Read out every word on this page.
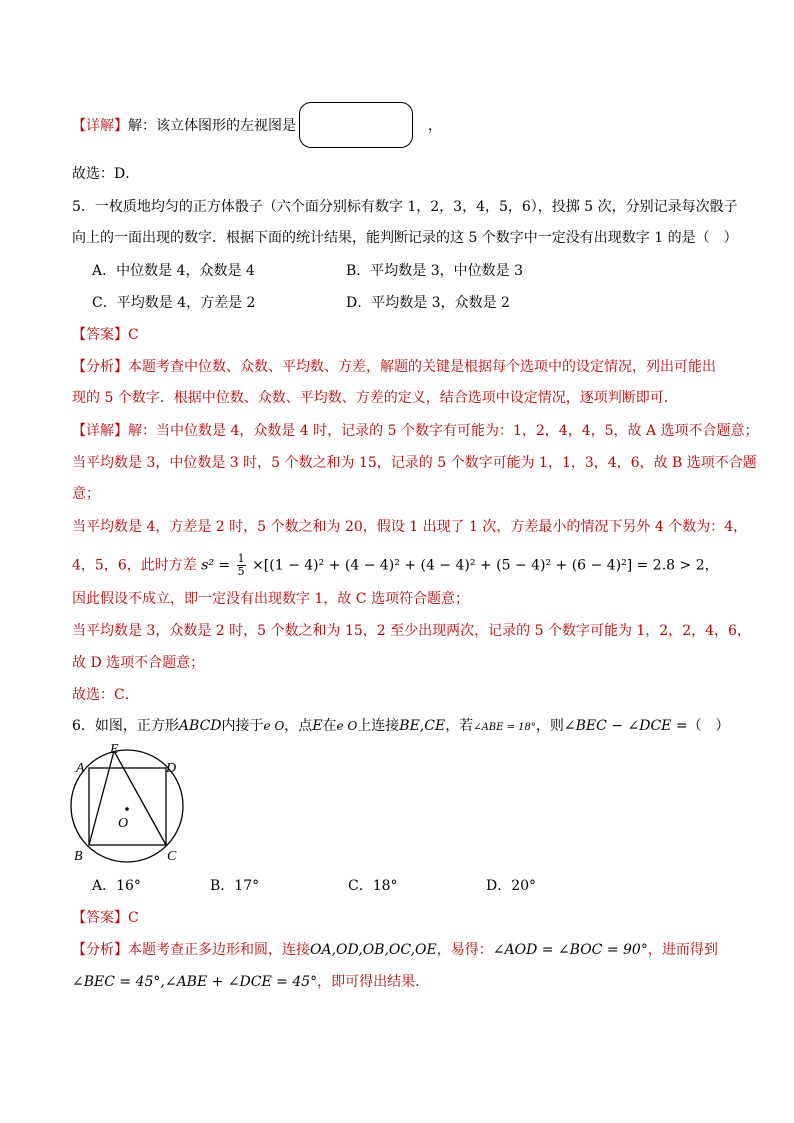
【详解】解：该立体图形的左视图是	，
故选：D．
5．一枚质地均匀的正方体骰子（六个面分别标有数字 1，2，3，4，5，6），投掷 5 次，分别记录每次骰子
向上的一面出现的数字．根据下面的统计结果，能判断记录的这 5 个数字中一定没有出现数字 1 的是（　）
A．中位数是 4，众数是 4	B．平均数是 3，中位数是 3
C．平均数是 4，方差是 2	D．平均数是 3，众数是 2
【答案】C
【分析】本题考查中位数、众数、平均数、方差，解题的关键是根据每个选项中的设定情况，列出可能出
现的 5 个数字．根据中位数、众数、平均数、方差的定义，结合选项中设定情况，逐项判断即可．
【详解】解：当中位数是 4，众数是 4 时，记录的 5 个数字有可能为：1，2，4，4，5，故 A 选项不合题意；
当平均数是 3，中位数是 3 时，5 个数之和为 15，记录的 5 个数字可能为 1，1，3，4，6，故 B 选项不合题
意；
当平均数是 4，方差是 2 时，5 个数之和为 20，假设 1 出现了 1 次，方差最小的情况下另外 4 个数为：4，
4，5，6，此时方差 $s^2 = \frac{1}{5} \times[(1 - 4)^2 + (4 - 4)^2 + (4 - 4)^2 + (5 - 4)^2 + (6 - 4)^2] = 2.8 > 2$，
因此假设不成立，即一定没有出现数字 1，故 C 选项符合题意；
当平均数是 3，众数是 2 时，5 个数之和为 15，2 至少出现两次，记录的 5 个数字可能为 1，2，2，4，6，
故 D 选项不合题意；
故选：C．
6．如图，正方形ABCD内接于e O，点E在e O上连接BE,CE，若∠ABE = 18°，则∠BEC − ∠DCE =（　）
A
B	C
D
E
O
A．16°	B．17°	C．18°	D．20°
【答案】C
【分析】本题考查正多边形和圆，连接OA,OD,OB,OC,OE，易得：∠AOD = ∠BOC = 90°，进而得到
∠BEC = 45°,∠ABE + ∠DCE = 45°，即可得出结果．
